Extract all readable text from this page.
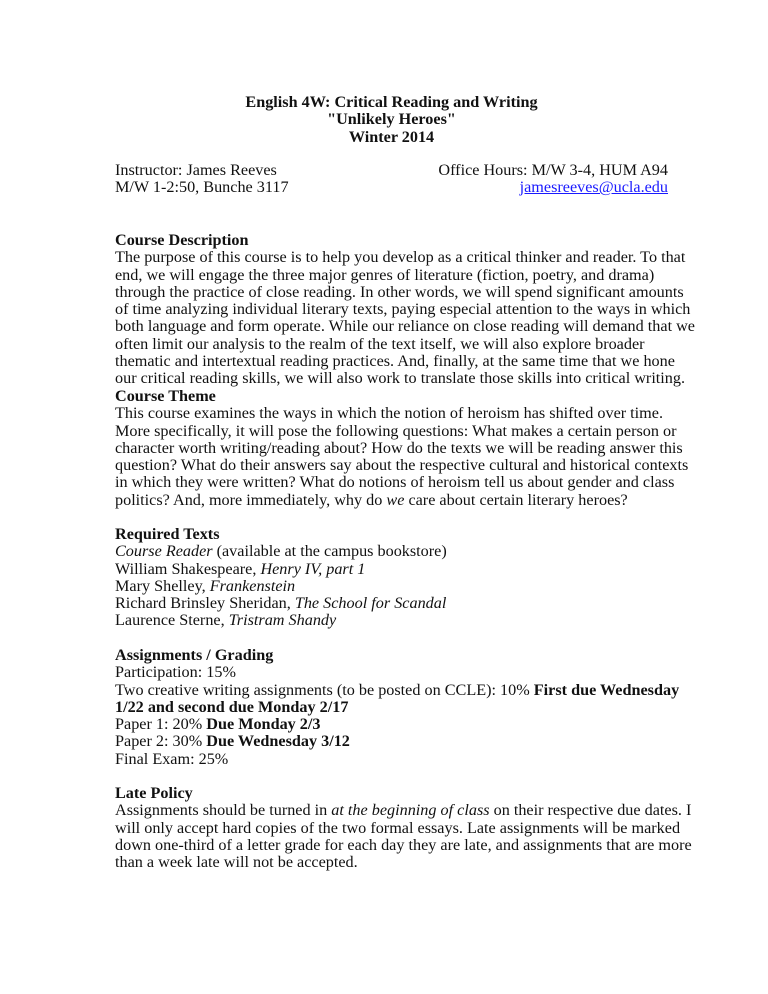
English 4W: Critical Reading and Writing
"Unlikely Heroes"
Winter 2014
Instructor: James Reeves
M/W 1-2:50, Bunche 3117
Office Hours: M/W 3-4, HUM A94
jamesreeves@ucla.edu
Course Description

The purpose of this course is to help you develop as a critical thinker and reader. To that
end, we will engage the three major genres of literature (fiction, poetry, and drama)
through the practice of close reading. In other words, we will spend significant amounts
of time analyzing individual literary texts, paying especial attention to the ways in which
both language and form operate. While our reliance on close reading will demand that we
often limit our analysis to the realm of the text itself, we will also explore broader
thematic and intertextual reading practices. And, finally, at the same time that we hone
our critical reading skills, we will also work to translate those skills into critical writing.

Course Theme
This course examines the ways in which the notion of heroism has shifted over time.
More specifically, it will pose the following questions: What makes a certain person or
character worth writing/reading about? How do the texts we will be reading answer this
question? What do their answers say about the respective cultural and historical contexts
in which they were written? What do notions of heroism tell us about gender and class
politics? And, more immediately, why do we care about certain literary heroes?
Required Texts
Course Reader (available at the campus bookstore)
William Shakespeare, Henry IV, part 1
Mary Shelley, Frankenstein
Richard Brinsley Sheridan, The School for Scandal
Laurence Sterne, Tristram Shandy
Assignments / Grading
Participation: 15%
Two creative writing assignments (to be posted on CCLE): 10% First due Wednesday
1/22 and second due Monday 2/17
Paper 1: 20% Due Monday 2/3
Paper 2: 30% Due Wednesday 3/12
Final Exam: 25%
Late Policy
Assignments should be turned in at the beginning of class on their respective due dates. I
will only accept hard copies of the two formal essays. Late assignments will be marked
down one-third of a letter grade for each day they are late, and assignments that are more
than a week late will not be accepted.
